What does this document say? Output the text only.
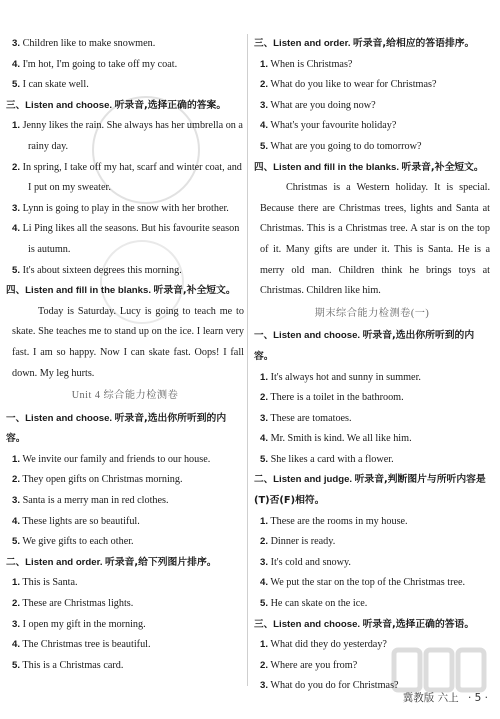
3. Children like to make snowmen.

4. I'm hot, I'm going to take off my coat.

5. I can skate well.

三、Listen and choose. 听录音,选择正确的答案。

1. Jenny likes the rain. She always has her umbrella on a rainy day.

2. In spring, I take off my hat, scarf and winter coat, and I put on my sweater.

3. Lynn is going to play in the snow with her brother.

4. Li Ping likes all the seasons. But his favourite season is autumn.

5. It's about sixteen degrees this morning.

四、Listen and fill in the blanks. 听录音,补全短文。

Today is Saturday. Lucy is going to teach me to skate. She teaches me to stand up on the ice. I learn very fast. I am so happy. Now I can skate fast. Oops! I fall down. My leg hurts.

Unit 4 综合能力检测卷

一、Listen and choose. 听录音,选出你所听到的内容。

1. We invite our family and friends to our house.

2. They open gifts on Christmas morning.

3. Santa is a merry man in red clothes.

4. These lights are so beautiful.

5. We give gifts to each other.

二、Listen and order. 听录音,给下列图片排序。

1. This is Santa.

2. These are Christmas lights.

3. I open my gift in the morning.

4. The Christmas tree is beautiful.

5. This is a Christmas card.

三、Listen and order. 听录音,给相应的答语排序。

1. When is Christmas?

2. What do you like to wear for Christmas?

3. What are you doing now?

4. What's your favourite holiday?

5. What are you going to do tomorrow?

四、Listen and fill in the blanks. 听录音,补全短文。

Christmas is a Western holiday. It is special. Because there are Christmas trees, lights and Santa at Christmas. This is a Christmas tree. A star is on the top of it. Many gifts are under it. This is Santa. He is a merry old man. Children think he brings toys at Christmas. Children like him.

期末综合能力检测卷(一)

一、Listen and choose. 听录音,选出你所听到的内容。

1. It's always hot and sunny in summer.

2. There is a toilet in the bathroom.

3. These are tomatoes.

4. Mr. Smith is kind. We all like him.

5. She likes a card with a flower.

二、Listen and judge. 听录音,判断图片与所听内容是(T)否(F)相符。

1. These are the rooms in my house.

2. Dinner is ready.

3. It's cold and snowy.

4. We put the star on the top of the Christmas tree.

5. He can skate on the ice.

三、Listen and choose. 听录音,选择正确的答语。

1. What did they do yesterday?

2. Where are you from?

3. What do you do for Christmas?

冀教版 六上 · 5 ·
